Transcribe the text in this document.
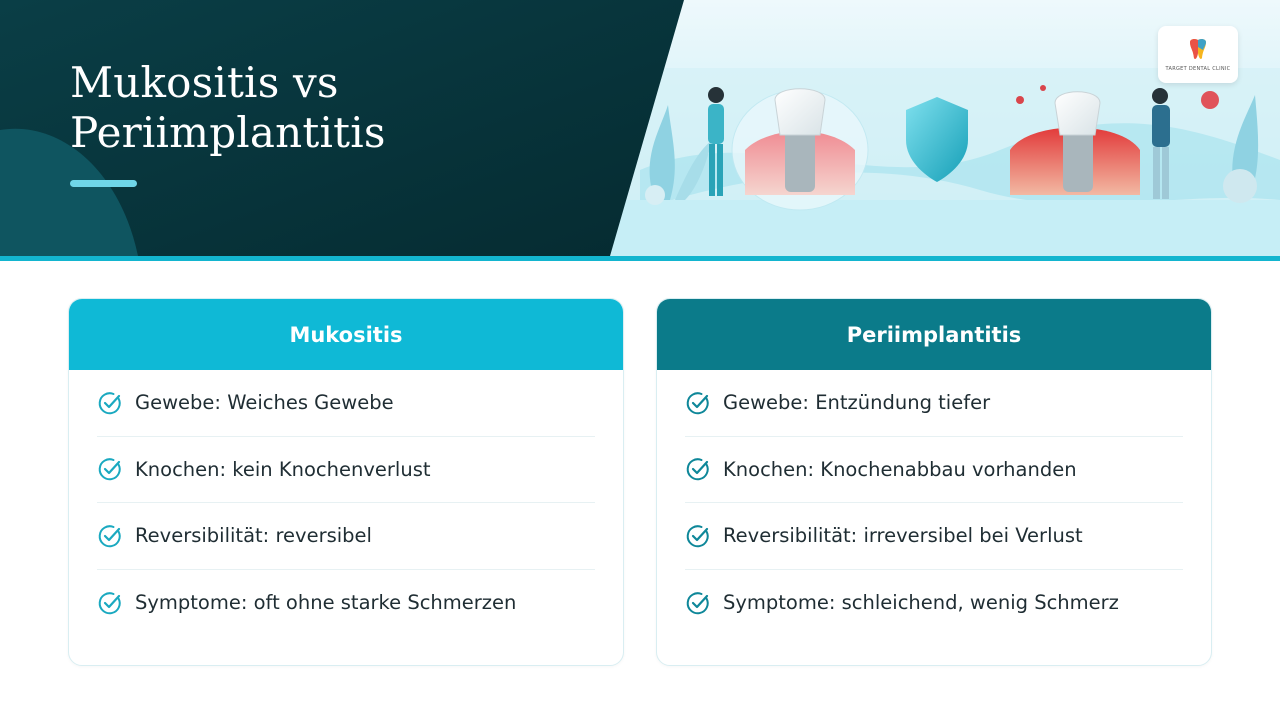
Mukositis vs
Periimplantitis
TARGET DENTAL CLINIC
Mukositis
Gewebe: Weiches Gewebe
Knochen: kein Knochenverlust
Reversibilität: reversibel
Symptome: oft ohne starke Schmerzen
Periimplantitis
Gewebe: Entzündung tiefer
Knochen: Knochenabbau vorhanden
Reversibilität: irreversibel bei Verlust
Symptome: schleichend, wenig Schmerz
